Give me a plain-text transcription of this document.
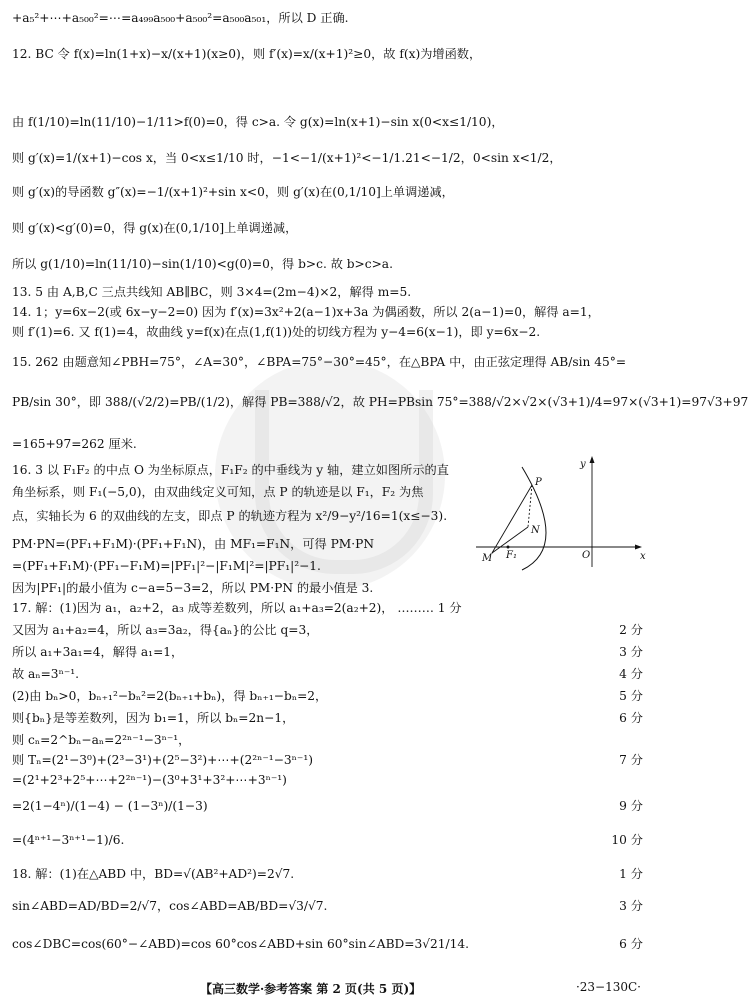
+a₅²+⋯+a₅₀₀²=⋯=a₄₉₉a₅₀₀+a₅₀₀²=a₅₀₀a₅₀₁，所以 D 正确.
12. BC 令 f(x)=ln(1+x)−x/(x+1)(x≥0)，则 f′(x)=x/(x+1)²≥0，故 f(x)为增函数，
由 f(1/10)=ln(11/10)−1/11>f(0)=0，得 c>a. 令 g(x)=ln(x+1)−sin x(0<x≤1/10)，
则 g′(x)=1/(x+1)−cos x，当 0<x≤1/10 时，−1<−1/(x+1)²<−1/1.21<−1/2，0<sin x<1/2，
则 g′(x)的导函数 g″(x)=−1/(x+1)²+sin x<0，则 g′(x)在(0,1/10]上单调递减，
则 g′(x)<g′(0)=0，得 g(x)在(0,1/10]上单调递减，
所以 g(1/10)=ln(11/10)−sin(1/10)<g(0)=0，得 b>c. 故 b>c>a.
13. 5 由 A,B,C 三点共线知 AB∥BC，则 3×4=(2m−4)×2，解得 m=5.
14. 1；y=6x−2(或 6x−y−2=0) 因为 f′(x)=3x²+2(a−1)x+3a 为偶函数，所以 2(a−1)=0，解得 a=1，
则 f′(1)=6. 又 f(1)=4，故曲线 y=f(x)在点(1,f(1))处的切线方程为 y−4=6(x−1)，即 y=6x−2.
15. 262 由题意知∠PBH=75°，∠A=30°，∠BPA=75°−30°=45°，在△BPA 中，由正弦定理得 AB/sin 45°=
PB/sin 30°，即 388/(√2/2)=PB/(1/2)，解得 PB=388/√2，故 PH=PBsin 75°=388/√2×√2×(√3+1)/4=97×(√3+1)=97√3+97
=165+97=262 厘米.
16. 3 以 F₁F₂ 的中点 O 为坐标原点，F₁F₂ 的中垂线为 y 轴，建立如图所示的直
角坐标系，则 F₁(−5,0)，由双曲线定义可知，点 P 的轨迹是以 F₁，F₂ 为焦
点，实轴长为 6 的双曲线的左支，即点 P 的轨迹方程为 x²/9−y²/16=1(x≤−3).
PM·PN=(PF₁+F₁M)·(PF₁+F₁N)，由 MF₁=F₁N，可得 PM·PN
=(PF₁+F₁M)·(PF₁−F₁M)=|PF₁|²−|F₁M|²=|PF₁|²−1.
因为|PF₁|的最小值为 c−a=5−3=2，所以 PM·PN 的最小值是 3.
y
x
P
N
M F₁	O
17. 解：(1)因为 a₁，a₂+2，a₃ 成等差数列，所以 a₁+a₃=2(a₂+2)， ……… 1 分
又因为 a₁+a₂=4，所以 a₃=3a₂，得{aₙ}的公比 q=3，	2 分
所以 a₁+3a₁=4，解得 a₁=1，	3 分
故 aₙ=3ⁿ⁻¹.	4 分
(2)由 bₙ>0，bₙ₊₁²−bₙ²=2(bₙ₊₁+bₙ)，得 bₙ₊₁−bₙ=2，	5 分
则{bₙ}是等差数列，因为 b₁=1，所以 bₙ=2n−1，	6 分
则 cₙ=2^bₙ−aₙ=2²ⁿ⁻¹−3ⁿ⁻¹，
则 Tₙ=(2¹−3⁰)+(2³−3¹)+(2⁵−3²)+⋯+(2²ⁿ⁻¹−3ⁿ⁻¹)	7 分
=(2¹+2³+2⁵+⋯+2²ⁿ⁻¹)−(3⁰+3¹+3²+⋯+3ⁿ⁻¹)
=2(1−4ⁿ)/(1−4) − (1−3ⁿ)/(1−3)	9 分
=(4ⁿ⁺¹−3ⁿ⁺¹−1)/6.	10 分
18. 解：(1)在△ABD 中，BD=√(AB²+AD²)=2√7.	1 分
sin∠ABD=AD/BD=2/√7，cos∠ABD=AB/BD=√3/√7.	3 分
cos∠DBC=cos(60°−∠ABD)=cos 60°cos∠ABD+sin 60°sin∠ABD=3√21/14.	6 分
【高三数学·参考答案 第 2 页(共 5 页)】	·23−130C·
